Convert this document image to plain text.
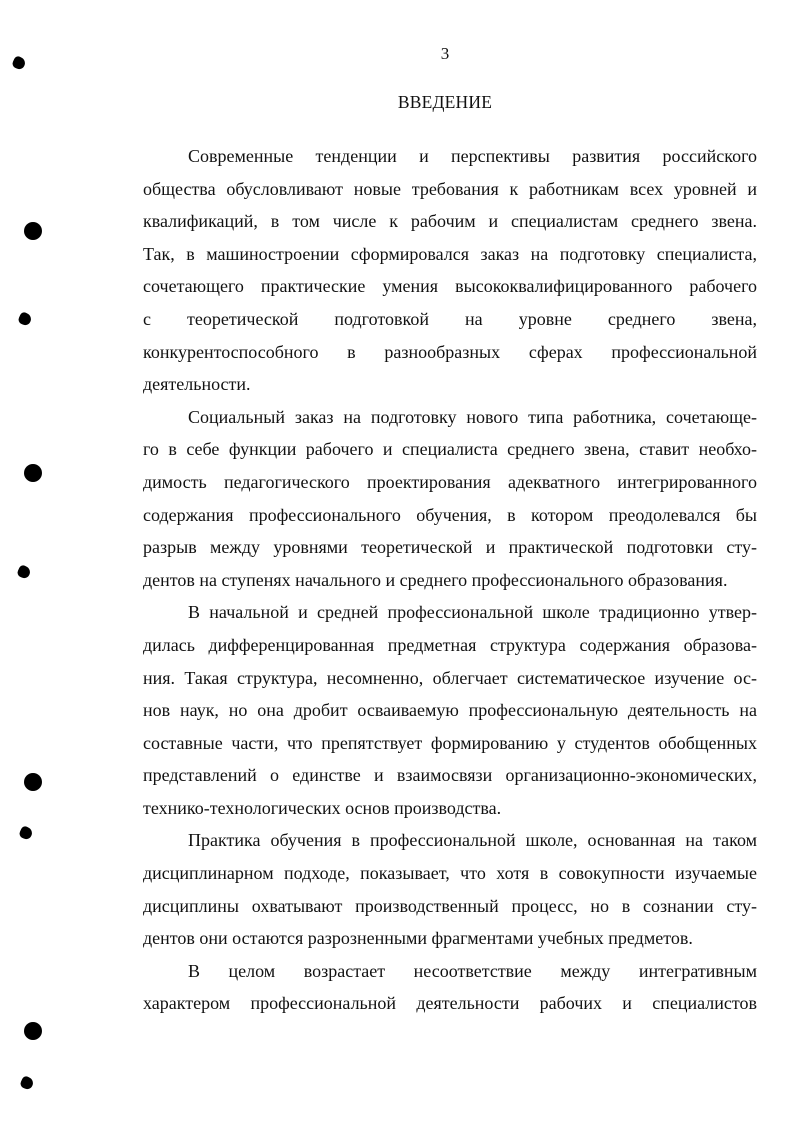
3
ВВЕДЕНИЕ
Современные тенденции и перспективы развития российского
общества обусловливают новые требования к работникам всех уровней и
квалификаций, в том числе к рабочим и специалистам среднего звена.
Так, в машиностроении сформировался заказ на подготовку специалиста,
сочетающего практические умения высококвалифицированного рабочего
с теоретической подготовкой на уровне среднего звена,
конкурентоспособного в разнообразных сферах профессиональной
деятельности.
Социальный заказ на подготовку нового типа работника, сочетающе-
го в себе функции рабочего и специалиста среднего звена, ставит необхо-
димость педагогического проектирования адекватного интегрированного
содержания профессионального обучения, в котором преодолевался бы
разрыв между уровнями теоретической и практической подготовки сту-
дентов на ступенях начального и среднего профессионального образования.
В начальной и средней профессиональной школе традиционно утвер-
дилась дифференцированная предметная структура содержания образова-
ния. Такая структура, несомненно, облегчает систематическое изучение ос-
нов наук, но она дробит осваиваемую профессиональную деятельность на
составные части, что препятствует формированию у студентов обобщенных
представлений о единстве и взаимосвязи организационно-экономических,
технико-технологических основ производства.
Практика обучения в профессиональной школе, основанная на таком
дисциплинарном подходе, показывает, что хотя в совокупности изучаемые
дисциплины охватывают производственный процесс, но в сознании сту-
дентов они остаются разрозненными фрагментами учебных предметов.
В целом возрастает несоответствие между интегративным
характером профессиональной деятельности рабочих и специалистов
